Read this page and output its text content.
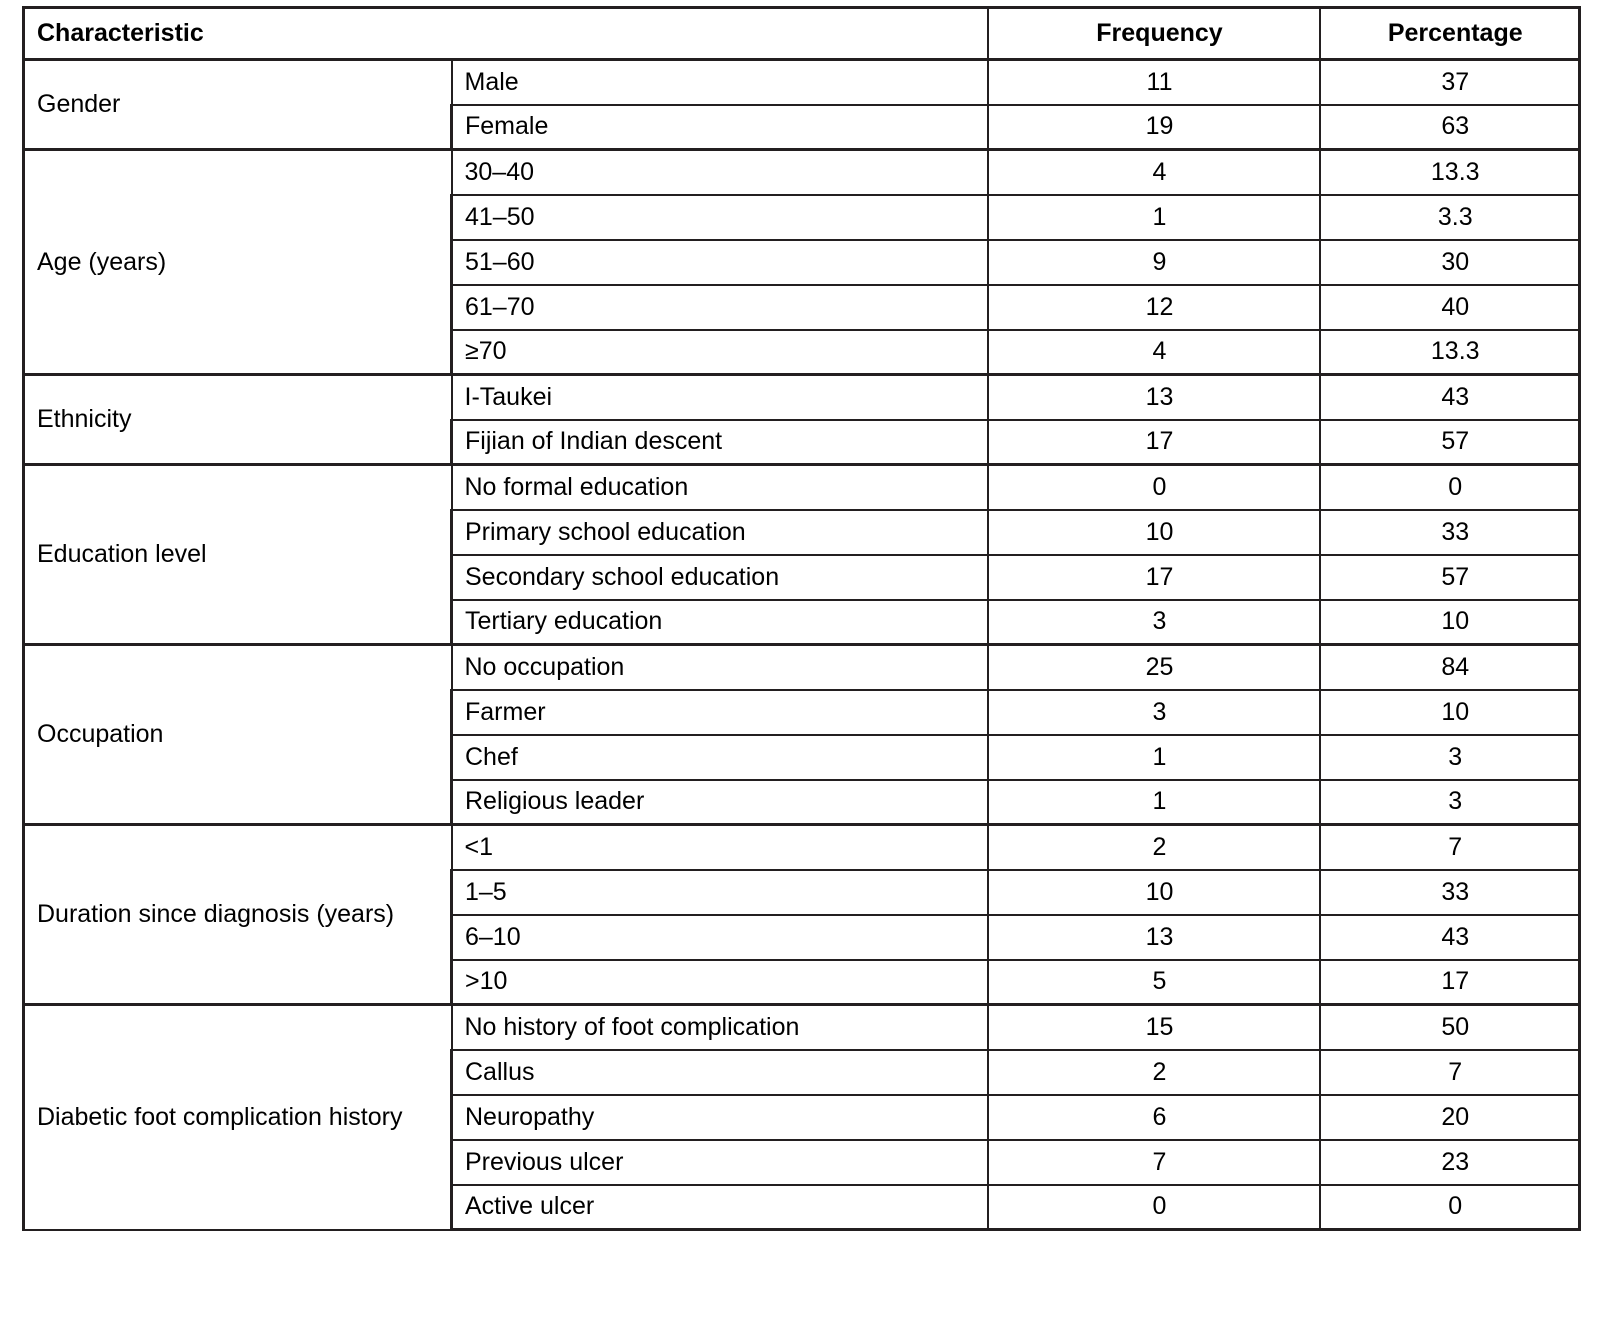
Characteristic		Frequency	Percentage
Gender	Male	11	37
	Female	19	63
Age (years)	30–40	4	13.3
	41–50	1	3.3
	51–60	9	30
	61–70	12	40
	≥70	4	13.3
Ethnicity	I-Taukei	13	43
	Fijian of Indian descent	17	57
Education level	No formal education	0	0
	Primary school education	10	33
	Secondary school education	17	57
	Tertiary education	3	10
Occupation	No occupation	25	84
	Farmer	3	10
	Chef	1	3
	Religious leader	1	3
Duration since diagnosis (years)	<1	2	7
	1–5	10	33
	6–10	13	43
	>10	5	17
Diabetic foot complication history	No history of foot complication	15	50
	Callus	2	7
	Neuropathy	6	20
	Previous ulcer	7	23
	Active ulcer	0	0
